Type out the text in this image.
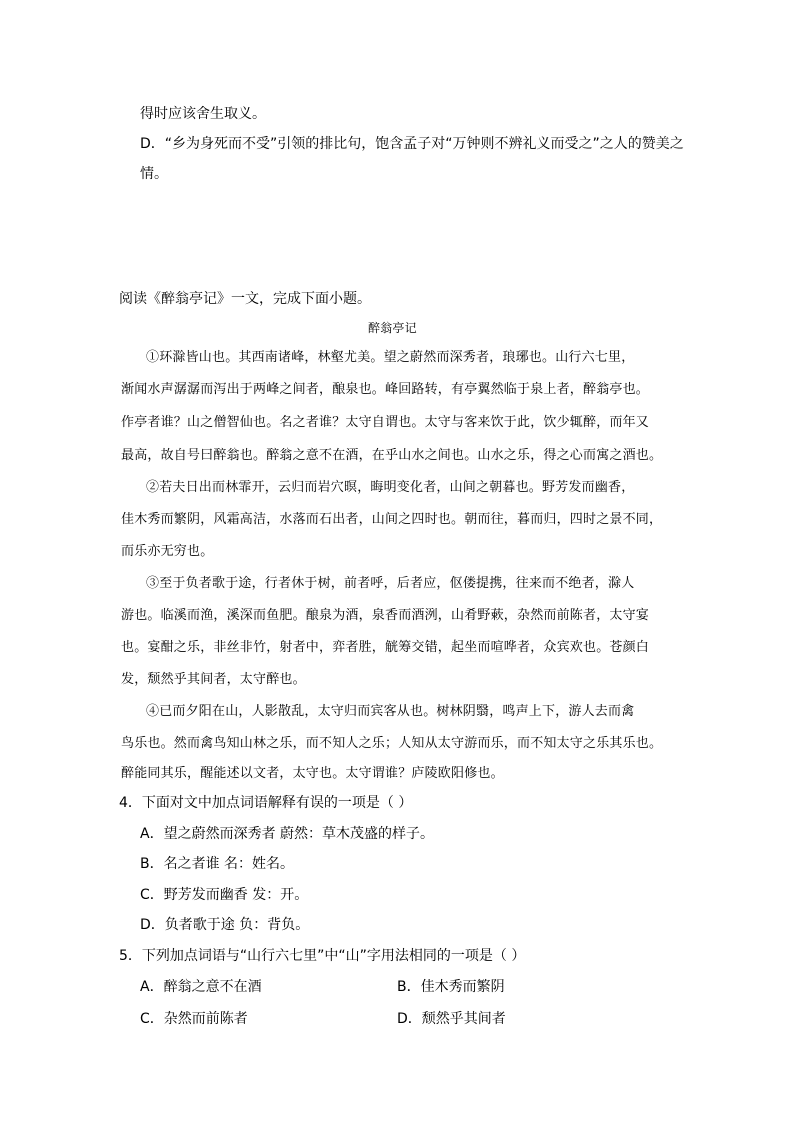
得时应该舍生取义。
D．“乡为身死而不受”引领的排比句，饱含孟子对“万钟则不辨礼义而受之”之人的赞美之
情。
阅读《醉翁亭记》一文，完成下面小题。
醉翁亭记
①环滁皆山也。其西南诸峰，林壑尤美。望之蔚然而深秀者，琅琊也。山行六七里，
渐闻水声潺潺而泻出于两峰之间者，酿泉也。峰回路转，有亭翼然临于泉上者，醉翁亭也。
作亭者谁？山之僧智仙也。名之者谁？太守自谓也。太守与客来饮于此，饮少辄醉，而年又
最高，故自号曰醉翁也。醉翁之意不在酒，在乎山水之间也。山水之乐，得之心而寓之酒也。
②若夫日出而林霏开，云归而岩穴暝，晦明变化者，山间之朝暮也。野芳发而幽香，
佳木秀而繁阴，风霜高洁，水落而石出者，山间之四时也。朝而往，暮而归，四时之景不同，
而乐亦无穷也。
③至于负者歌于途，行者休于树，前者呼，后者应，伛偻提携，往来而不绝者，滁人
游也。临溪而渔，溪深而鱼肥。酿泉为酒，泉香而酒洌，山肴野蔌，杂然而前陈者，太守宴
也。宴酣之乐，非丝非竹，射者中，弈者胜，觥筹交错，起坐而喧哗者，众宾欢也。苍颜白
发，颓然乎其间者，太守醉也。
④已而夕阳在山，人影散乱，太守归而宾客从也。树林阴翳，鸣声上下，游人去而禽
鸟乐也。然而禽鸟知山林之乐，而不知人之乐；人知从太守游而乐，而不知太守之乐其乐也。
醉能同其乐，醒能述以文者，太守也。太守谓谁？庐陵欧阳修也。
4．下面对文中加点词语解释有误的一项是（ ）
A．望之蔚然而深秀者 蔚然：草木茂盛的样子。
B．名之者谁 名：姓名。
C．野芳发而幽香 发：开。
D．负者歌于途 负：背负。
5．下列加点词语与“山行六七里”中“山”字用法相同的一项是（ ）
A．醉翁之意不在酒	B．佳木秀而繁阴
C．杂然而前陈者	D．颓然乎其间者
